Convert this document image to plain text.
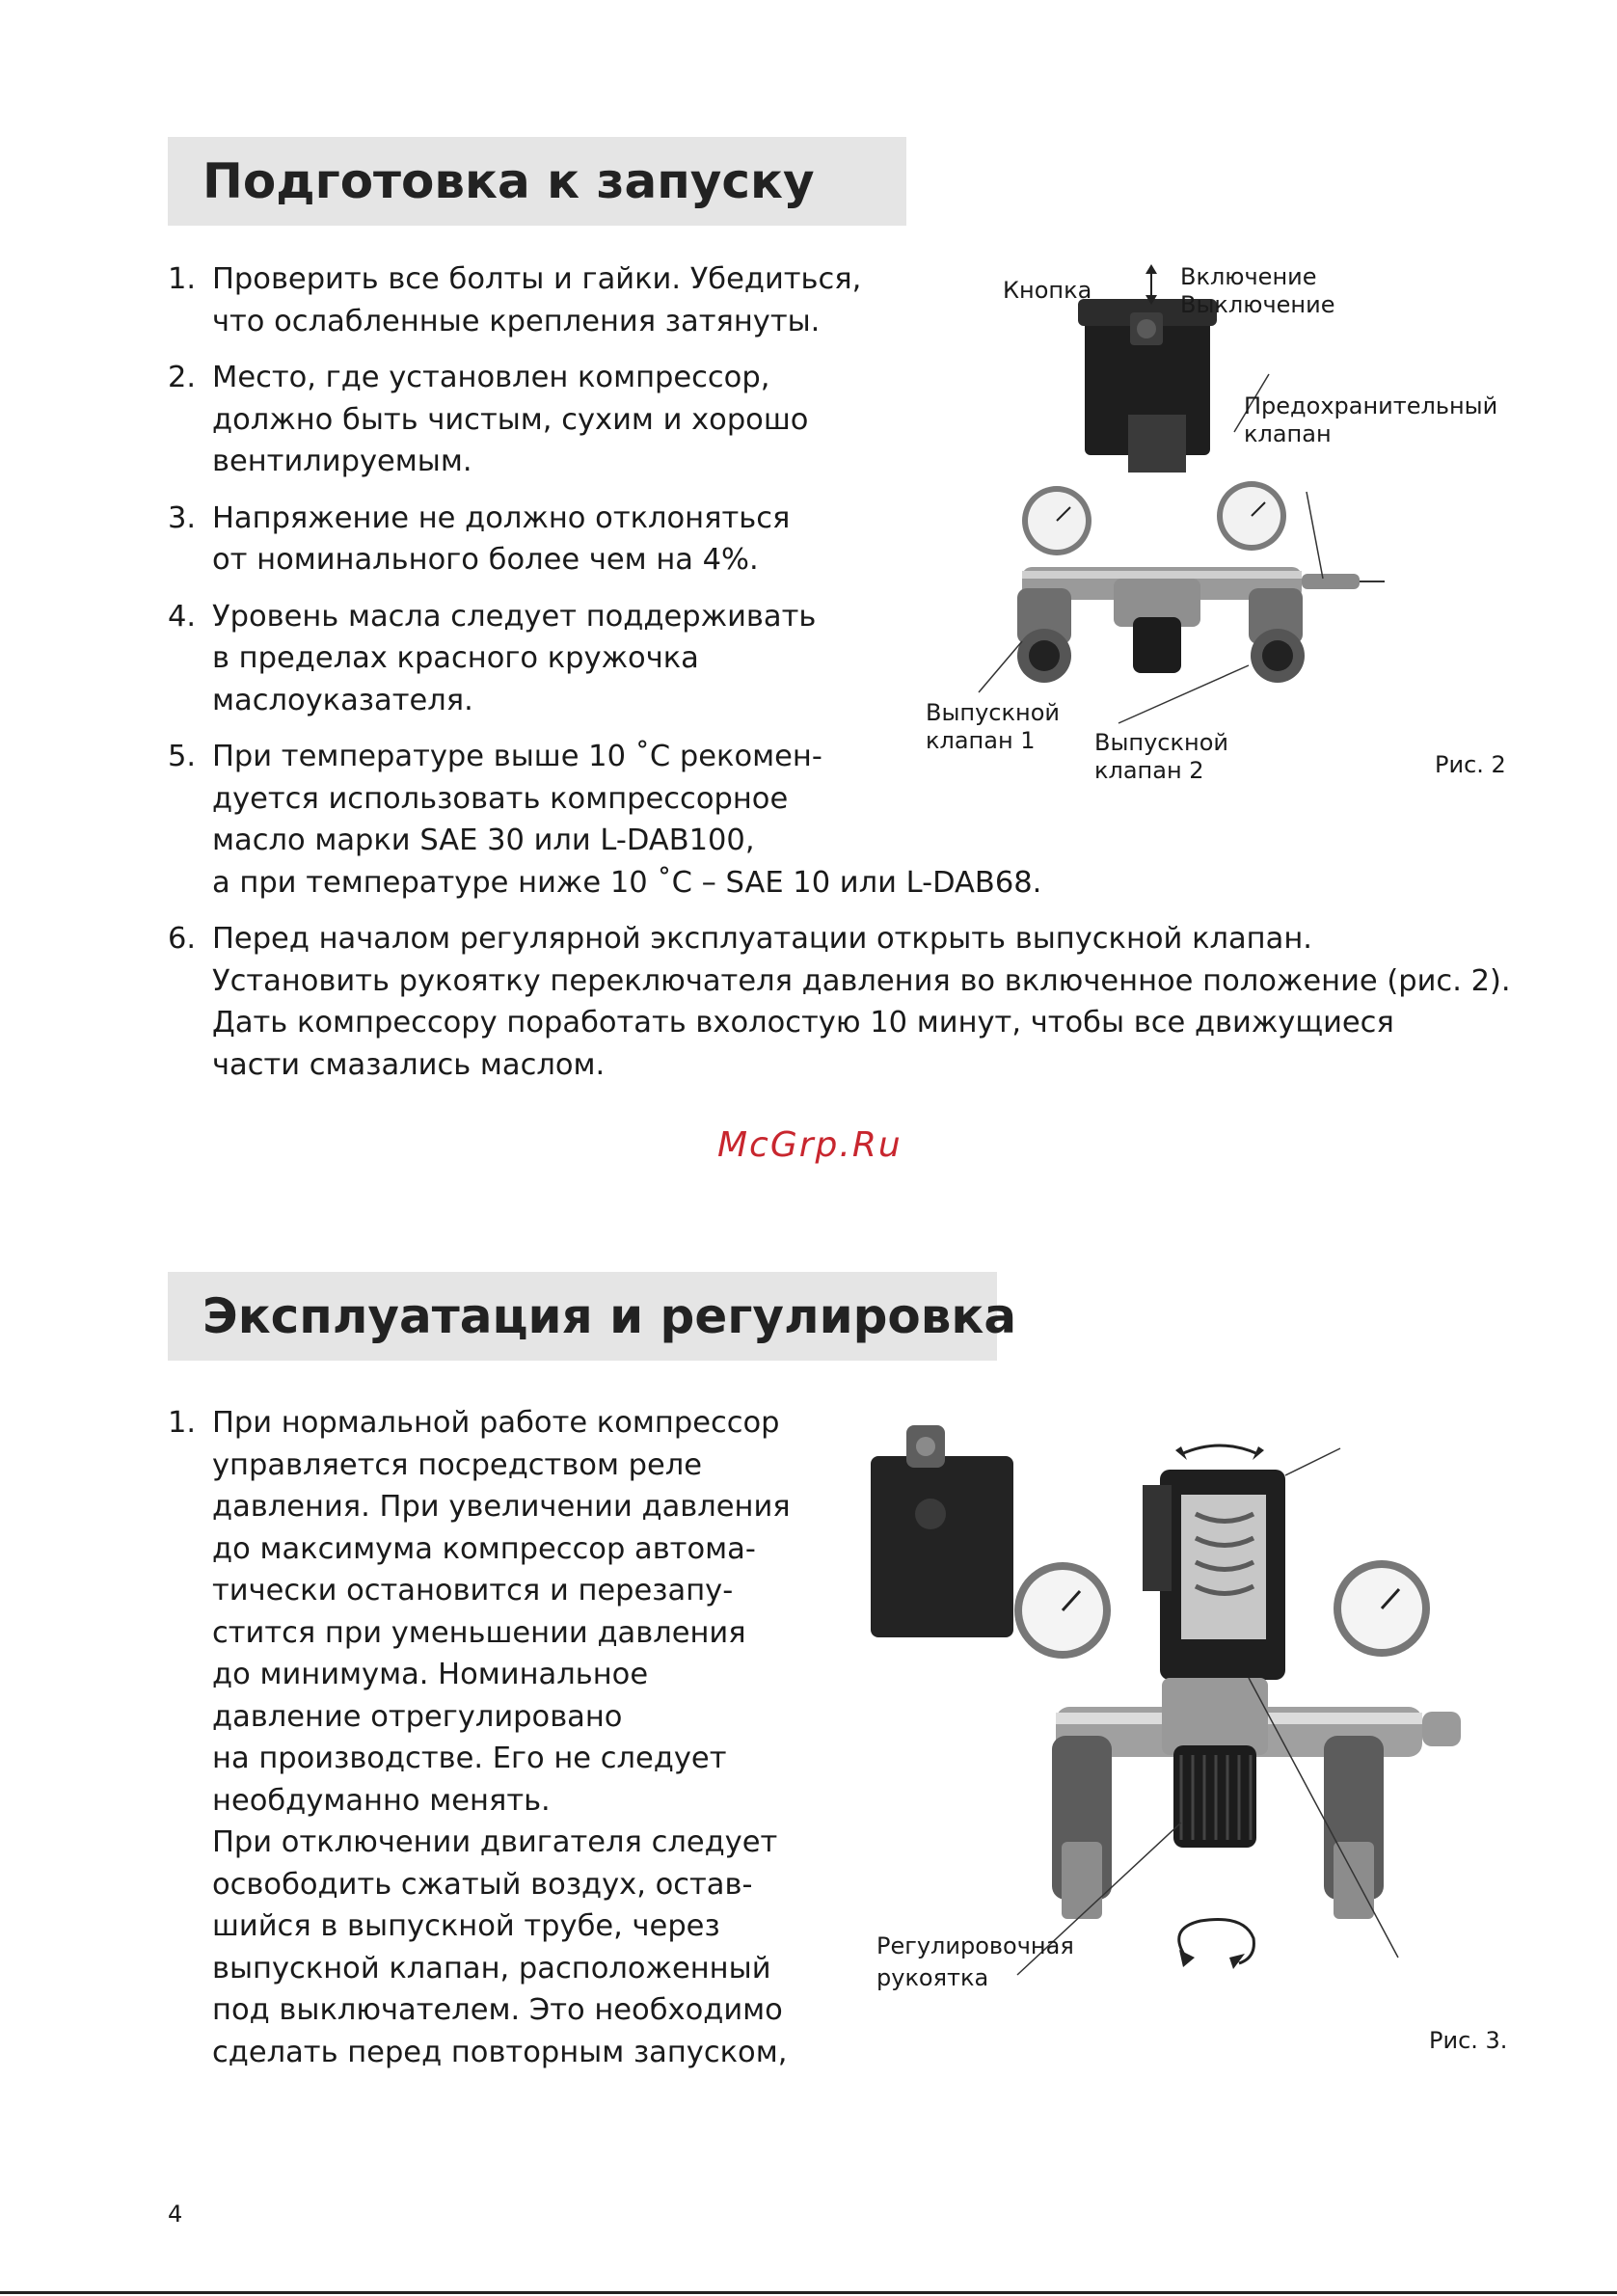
Подготовка к запуску
1. Проверить все болты и гайки. Убедиться,
что ослабленные крепления затянуты.
2. Место, где установлен компрессор,
должно быть чистым, сухим и хорошо
вентилируемым.
3. Напряжение не должно отклоняться
от номинального более чем на 4%.
4. Уровень масла следует поддерживать
в пределах красного кружочка
маслоуказателя.
5. При температуре выше 10 ˚С рекомен-
дуется использовать компрессорное
масло марки SAE 30 или L-DAB100,
а при температуре ниже 10 ˚С – SAE 10 или L-DAB68.
6. Перед началом регулярной эксплуатации открыть выпускной клапан.
Установить рукоятку переключателя давления во включенное положение (рис. 2).
Дать компрессору поработать вхолостую 10 минут, чтобы все движущиеся
части смазались маслом.
Кнопка	Включение
Выключение
Предохранительный
клапан
Выпускной
клапан 1	Выпускной
клапан 2	Рис. 2
McGrp.Ru
Эксплуатация и регулировка
1. При нормальной работе компрессор
управляется посредством реле
давления. При увеличении давления
до максимума компрессор автома-
тически остановится и перезапу-
стится при уменьшении давления
до минимума. Номинальное
давление отрегулировано
на производстве. Его не следует
необдуманно менять.
При отключении двигателя следует
освободить сжатый воздух, остав-
шийся в выпускной трубе, через
выпускной клапан, расположенный
под выключателем. Это необходимо
сделать перед повторным запуском,
Регулировочная
рукоятка
Рис. 3.
4
